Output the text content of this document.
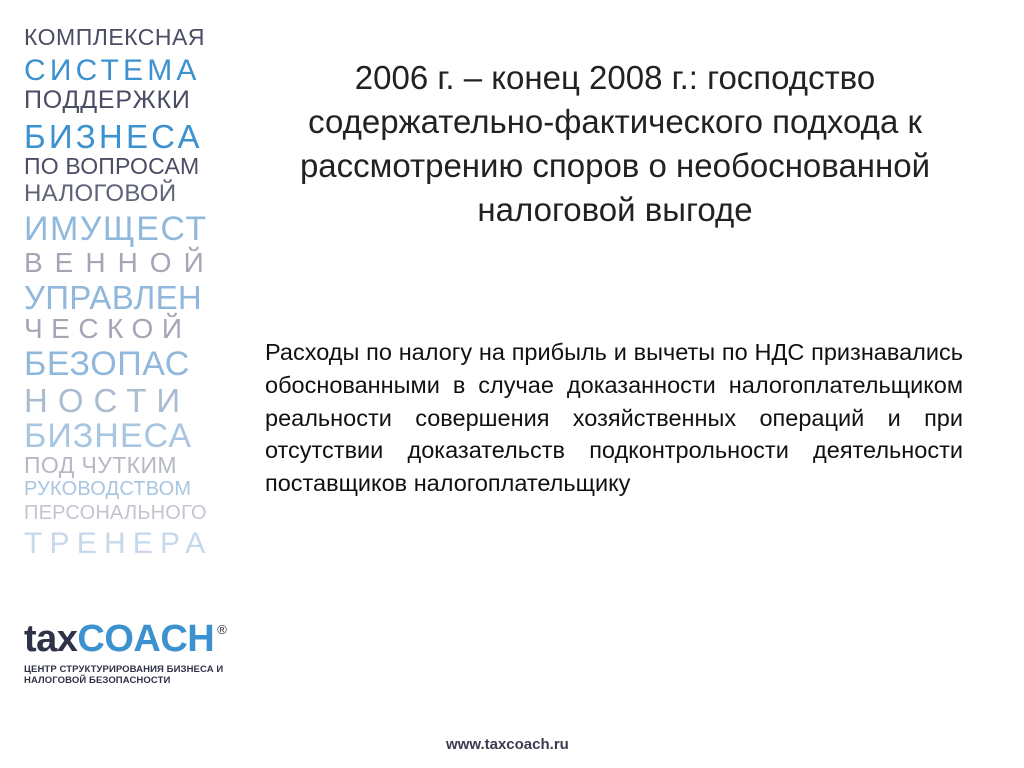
КОМПЛЕКСНАЯ
СИСТЕМА
ПОДДЕРЖКИ
БИЗНЕСА
ПО ВОПРОСАМ
НАЛОГОВОЙ
ИМУЩЕСТ
ВЕННОЙ
УПРАВЛЕН
ЧЕСКОЙ
БЕЗОПАС
НОСТИ
БИЗНЕСА
ПОД ЧУТКИМ
РУКОВОДСТВОМ
ПЕРСОНАЛЬНОГО
ТРЕНЕРА
tax COACH ®
ЦЕНТР СТРУКТУРИРОВАНИЯ БИЗНЕСА И
НАЛОГОВОЙ БЕЗОПАСНОСТИ
2006 г. – конец 2008 г.: господство содержательно-фактического подхода к рассмотрению споров о необоснованной налоговой выгоде
Расходы по налогу на прибыль и вычеты по НДС признавались обоснованными в случае доказанности налогоплательщиком реальности совершения хозяйственных операций и при отсутствии доказательств подконтрольности деятельности поставщиков налогоплательщику
www.taxcoach.ru
